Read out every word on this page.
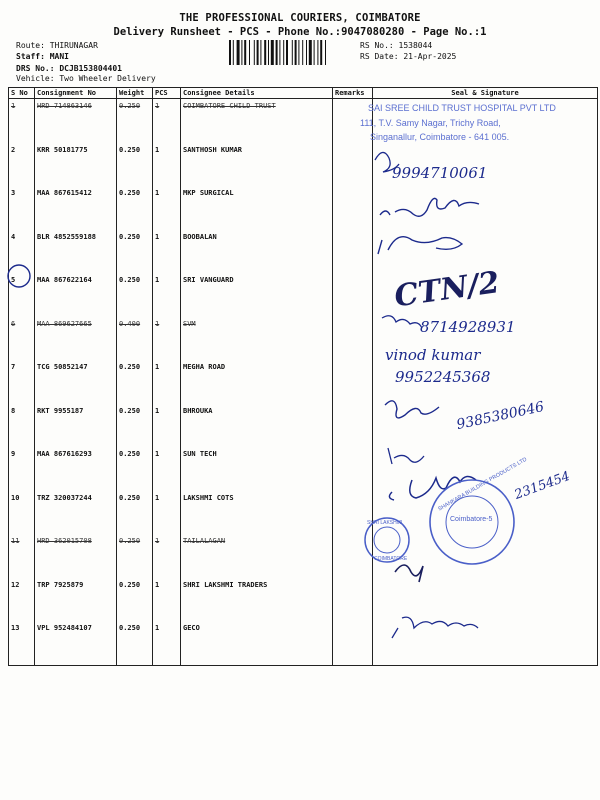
THE PROFESSIONAL COURIERS, COIMBATORE
Delivery Runsheet - PCS - Phone No.:9047080280 - Page No.:1
Route: THIRUNAGAR
Staff: MANI
DRS No.: DCJB153804401
Vehicle: Two Wheeler Delivery
RS No.: 1538044
RS Date: 21-Apr-2025
S No	Consignment No	Weight	PCS	Consignee Details	Remarks	Seal & Signature
1	HRD 714863146	0.250	1	COIMBATORE CHILD TRUST		
2	KRR 50181775	0.250	1	SANTHOSH KUMAR		
3	MAA 867615412	0.250	1	MKP SURGICAL		
4	BLR 4852559188	0.250	1	BOOBALAN		
5	MAA 867622164	0.250	1	SRI VANGUARD		
6	MAA 869627665	0.400	1	SVM		
7	TCG 50852147	0.250	1	MEGHA ROAD		
8	RKT 9955187	0.250	1	BHROUKA		
9	MAA 867616293	0.250	1	SUN TECH		
10	TRZ 320037244	0.250	1	LAKSHMI COTS		
11	HRD 362015708	0.250	1	TAILALAGAN		
12	TRP 7925879	0.250	1	SHRI LAKSHMI TRADERS		
13	VPL 952484107	0.250	1	GECO		
SAI SREE CHILD TRUST HOSPITAL PVT LTD
111, T.V. Samy Nagar, Trichy Road,
Singanallur, Coimbatore - 641 005.
9994710061
CTN/2
8714928931
vinod kumar
9952245368
9385380646
2315454
SHRI LAKSHMI
COIMBATORE
Coimbatore-5
SHANKARA BUILDING PRODUCTS LTD
